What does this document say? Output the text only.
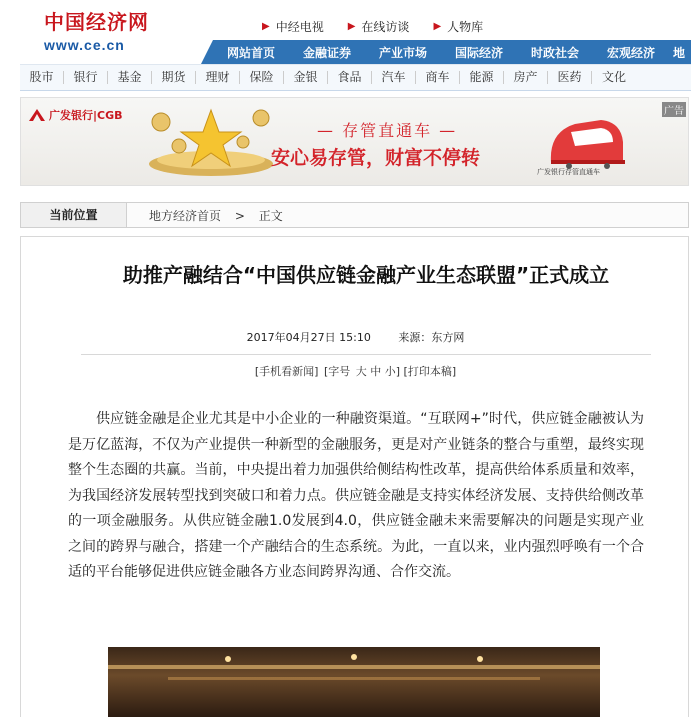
中国经济网
www.ce.cn
▶ 中经电视 ▶ 在线访谈 ▶ 人物库
网站首页	金融证券	产业市场	国际经济	时政社会	宏观经济	地
股市	银行	基金	期货	理财	保险	金银	食品	汽车	商车	能源	房产	医药	文化
广发银行|CGB
— 存管直通车 —
安心易存管，财富不停转
广发银行存管直通车
广告
当前位置	地方经济首页 > 正文
助推产融结合“中国供应链金融产业生态联盟”正式成立
2017年04月27日 15:10	来源：东方网
[手机看新闻] [字号 大 中 小] [打印本稿]

供应链金融是企业尤其是中小企业的一种融资渠道。“互联网+”时代，供应链金融被认为是万亿蓝海，不仅为产业提供一种新型的金融服务，更是对产业链条的整合与重塑，最终实现整个生态圈的共赢。当前，中央提出着力加强供给侧结构性改革，提高供给体系质量和效率，为我国经济发展转型找到突破口和着力点。供应链金融是支持实体经济发展、支持供给侧改革的一项金融服务。从供应链金融1.0发展到4.0，供应链金融未来需要解决的问题是实现产业之间的跨界与融合，搭建一个产融结合的生态系统。为此，一直以来，业内强烈呼唤有一个合适的平台能够促进供应链金融各方业态间跨界沟通、合作交流。
